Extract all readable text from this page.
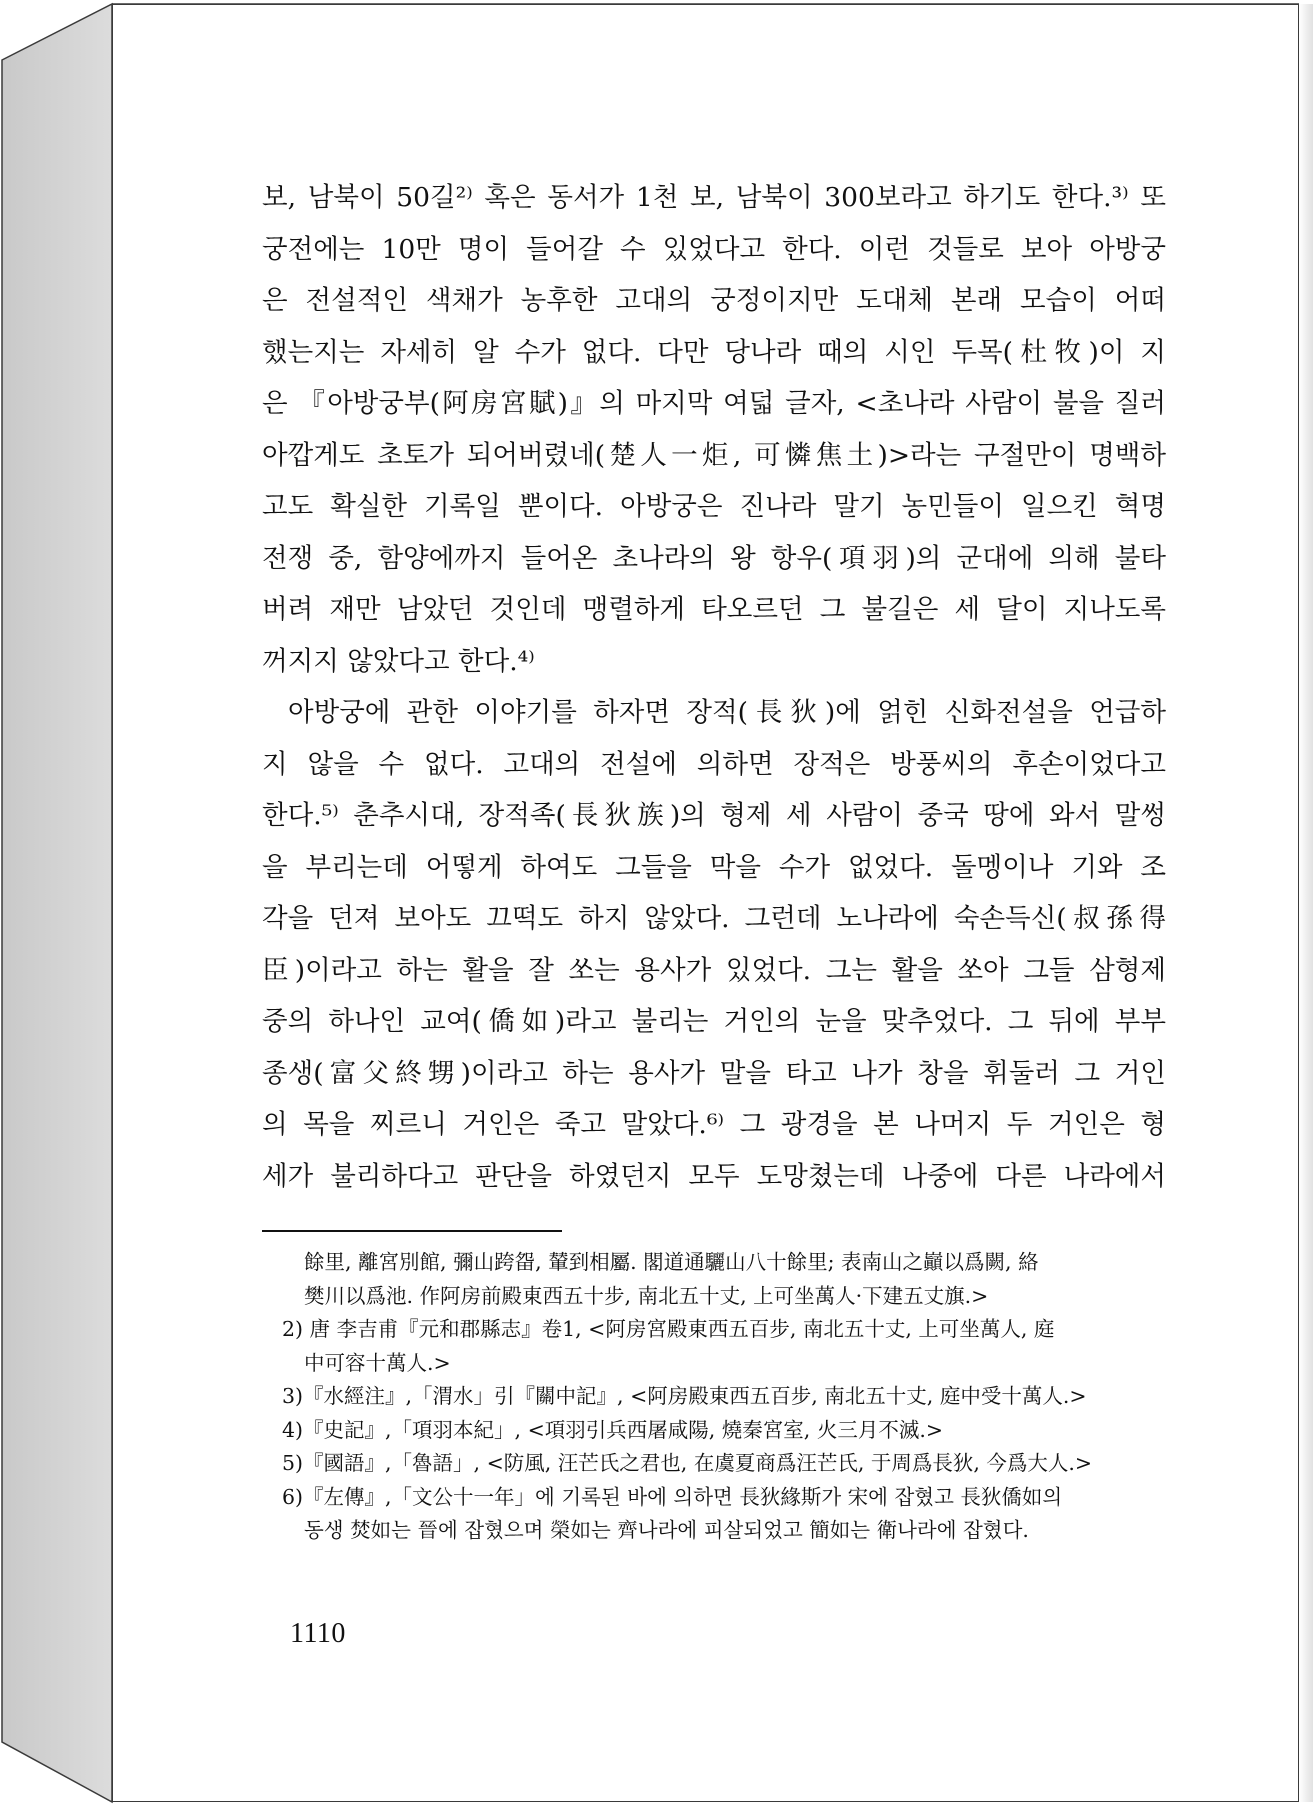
보, 남북이 50길²⁾ 혹은 동서가 1천 보, 남북이 300보라고 하기도 한다.³⁾ 또
궁전에는 10만 명이 들어갈 수 있었다고 한다. 이런 것들로 보아 아방궁
은 전설적인 색채가 농후한 고대의 궁정이지만 도대체 본래 모습이 어떠
했는지는 자세히 알 수가 없다. 다만 당나라 때의 시인 두목(杜牧)이 지
은 『아방궁부(阿房宮賦)』의 마지막 여덟 글자, <초나라 사람이 불을 질러
아깝게도 초토가 되어버렸네(楚人一炬, 可憐焦土)>라는 구절만이 명백하
고도 확실한 기록일 뿐이다. 아방궁은 진나라 말기 농민들이 일으킨 혁명
전쟁 중, 함양에까지 들어온 초나라의 왕 항우(項羽)의 군대에 의해 불타
버려 재만 남았던 것인데 맹렬하게 타오르던 그 불길은 세 달이 지나도록
꺼지지 않았다고 한다.⁴⁾
아방궁에 관한 이야기를 하자면 장적(長狄)에 얽힌 신화전설을 언급하
지 않을 수 없다. 고대의 전설에 의하면 장적은 방풍씨의 후손이었다고
한다.⁵⁾ 춘추시대, 장적족(長狄族)의 형제 세 사람이 중국 땅에 와서 말썽
을 부리는데 어떻게 하여도 그들을 막을 수가 없었다. 돌멩이나 기와 조
각을 던져 보아도 끄떡도 하지 않았다. 그런데 노나라에 숙손득신(叔孫得
臣)이라고 하는 활을 잘 쏘는 용사가 있었다. 그는 활을 쏘아 그들 삼형제
중의 하나인 교여(僑如)라고 불리는 거인의 눈을 맞추었다. 그 뒤에 부부
종생(富父終甥)이라고 하는 용사가 말을 타고 나가 창을 휘둘러 그 거인
의 목을 찌르니 거인은 죽고 말았다.⁶⁾ 그 광경을 본 나머지 두 거인은 형
세가 불리하다고 판단을 하였던지 모두 도망쳤는데 나중에 다른 나라에서
餘里, 離宮別館, 彌山跨㽜, 輦到相屬. 閣道通驪山八十餘里; 表南山之巓以爲闕, 絡
樊川以爲池. 作阿房前殿東西五十步, 南北五十丈, 上可坐萬人·下建五丈旗.>
2) 唐 李吉甫『元和郡縣志』卷1, <阿房宮殿東西五百步, 南北五十丈, 上可坐萬人, 庭
中可容十萬人.>
3)『水經注』,「渭水」引『關中記』, <阿房殿東西五百步, 南北五十丈, 庭中受十萬人.>
4)『史記』,「項羽本紀」, <項羽引兵西屠咸陽, 燒秦宮室, 火三月不滅.>
5)『國語』,「魯語」, <防風, 汪芒氏之君也, 在虞夏商爲汪芒氏, 于周爲長狄, 今爲大人.>
6)『左傳』,「文公十一年」에 기록된 바에 의하면 長狄緣斯가 宋에 잡혔고 長狄僑如의
동생 焚如는 晉에 잡혔으며 榮如는 齊나라에 피살되었고 簡如는 衛나라에 잡혔다.
1110
